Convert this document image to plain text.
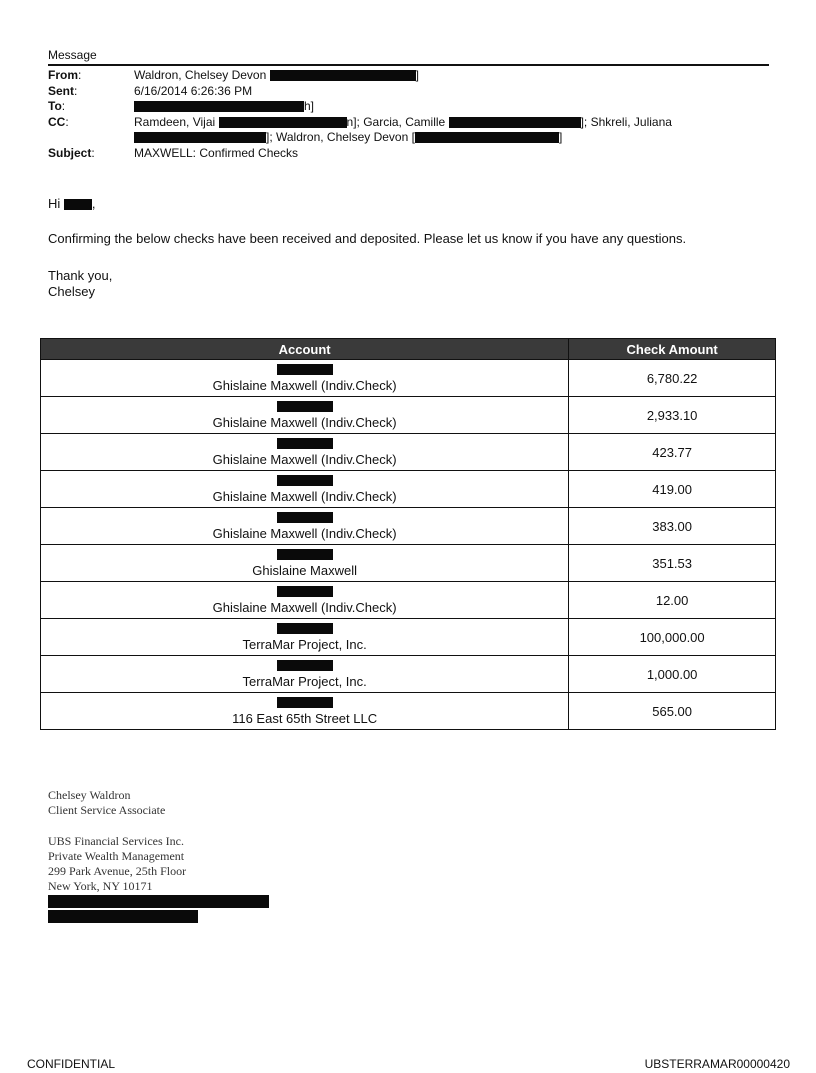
Message
From:	Waldron, Chelsey Devon	]
Sent:	6/16/2014 6:26:36 PM
To:	h]
CC:	Ramdeen, Vijai	n]; Garcia, Camille	]; Shkreli, Juliana
]; Waldron, Chelsey Devon [	]
Subject:	MAXWELL: Confirmed Checks
Hi ,
Confirming the below checks have been received and deposited. Please let us know if you have any questions.
Thank you,
Chelsey
Account	Check Amount

Ghislaine Maxwell (Indiv.Check)	6,780.22

Ghislaine Maxwell (Indiv.Check)	2,933.10

Ghislaine Maxwell (Indiv.Check)	423.77

Ghislaine Maxwell (Indiv.Check)	419.00

Ghislaine Maxwell (Indiv.Check)	383.00

Ghislaine Maxwell	351.53

Ghislaine Maxwell (Indiv.Check)	12.00

TerraMar Project, Inc.	100,000.00

TerraMar Project, Inc.	1,000.00

116 East 65th Street LLC	565.00
Chelsey Waldron
Client Service Associate
UBS Financial Services Inc.
Private Wealth Management
299 Park Avenue, 25th Floor
New York, NY 10171
CONFIDENTIAL	UBSTERRAMAR00000420
